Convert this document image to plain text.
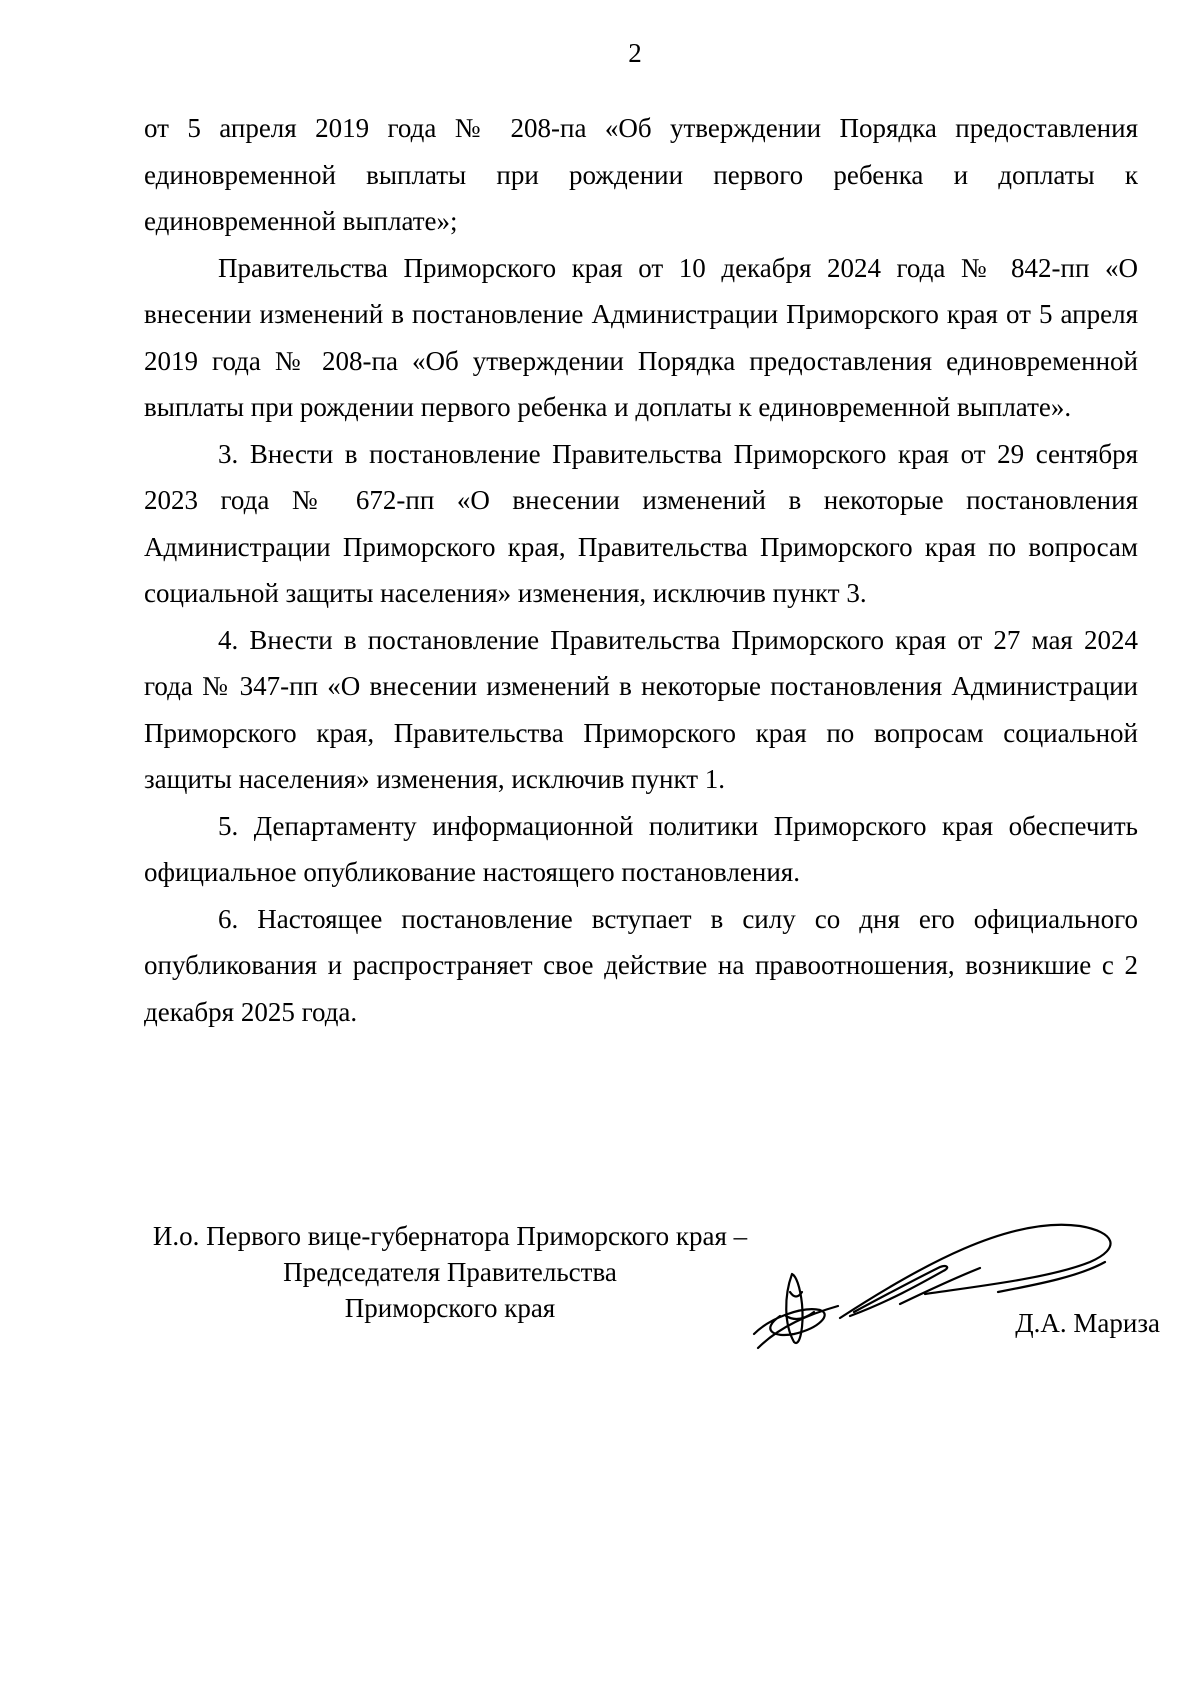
2

от 5 апреля 2019 года № 208-па «Об утверждении Порядка предоставления единовременной выплаты при рождении первого ребенка и доплаты к единовременной выплате»;

Правительства Приморского края от 10 декабря 2024 года № 842-пп «О внесении изменений в постановление Администрации Приморского края от 5 апреля 2019 года № 208-па «Об утверждении Порядка предоставления единовременной выплаты при рождении первого ребенка и доплаты к единовременной выплате».

3. Внести в постановление Правительства Приморского края от 29 сентября 2023 года № 672-пп «О внесении изменений в некоторые постановления Администрации Приморского края, Правительства Приморского края по вопросам социальной защиты населения» изменения, исключив пункт 3.

4. Внести в постановление Правительства Приморского края от 27 мая 2024 года № 347-пп «О внесении изменений в некоторые постановления Администрации Приморского края, Правительства Приморского края по вопросам социальной защиты населения» изменения, исключив пункт 1.

5. Департаменту информационной политики Приморского края обеспечить официальное опубликование настоящего постановления.

6. Настоящее постановление вступает в силу со дня его официального опубликования и распространяет свое действие на правоотношения, возникшие с 2 декабря 2025 года.

И.о. Первого вице-губернатора Приморского края –
Председателя Правительства
Приморского края	Д.А. Мариза
